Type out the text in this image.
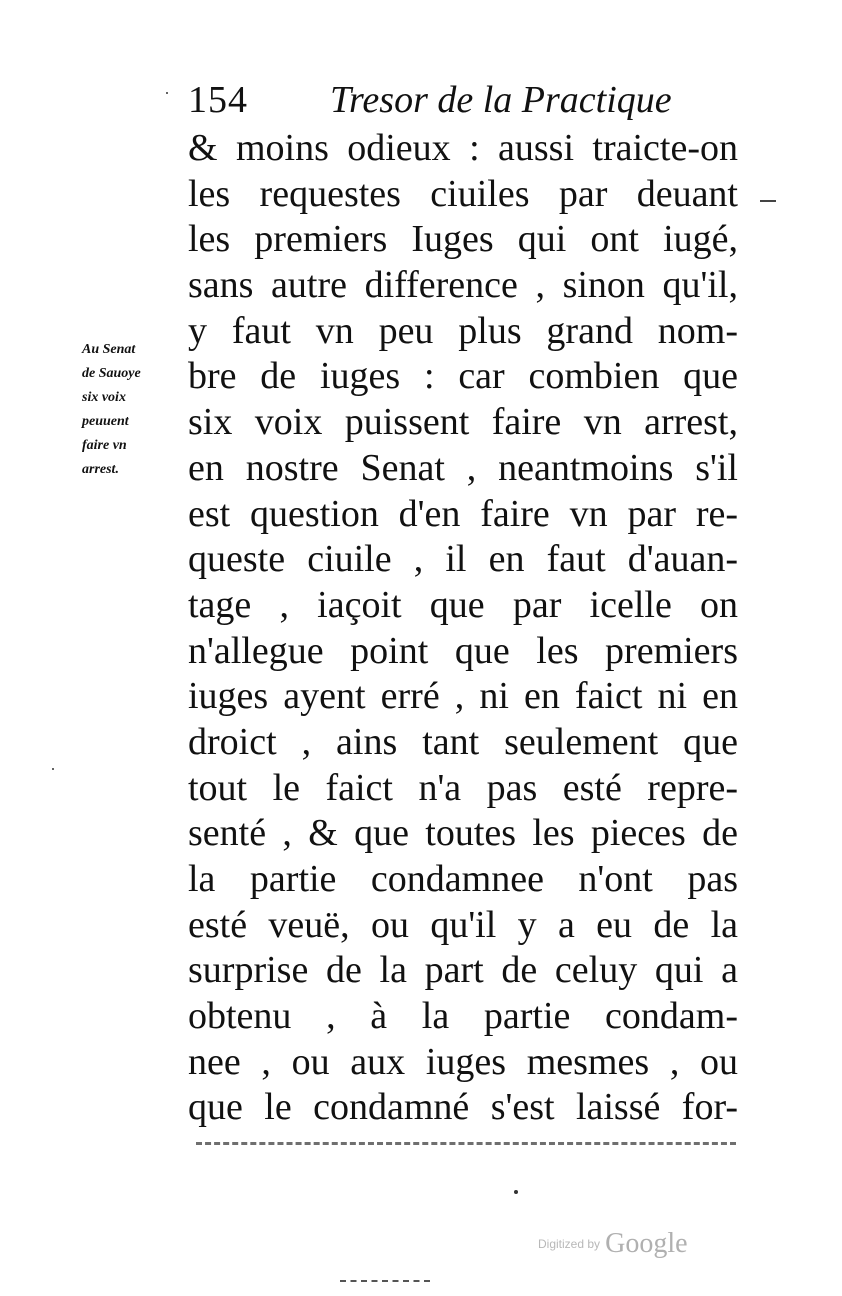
154 Tresor de la Practique
Au Senat
de Sauoye
six voix
peuuent
faire vn
arrest.
& moins odieux : aussi traicte-on
les requestes ciuiles par deuant
les premiers Iuges qui ont iugé,
sans autre difference , sinon qu'il,
y faut vn peu plus grand nom-
bre de iuges : car combien que
six voix puissent faire vn arrest,
en nostre Senat , neantmoins s'il
est question d'en faire vn par re-
queste ciuile , il en faut d'auan-
tage , iaçoit que par icelle on
n'allegue point que les premiers
iuges ayent erré , ni en faict ni en
droict , ains tant seulement que
tout le faict n'a pas esté repre-
senté , & que toutes les pieces de
la partie condamnee n'ont pas
esté veuë, ou qu'il y a eu de la
surprise de la part de celuy qui a
obtenu , à la partie condam-
nee , ou aux iuges mesmes , ou
que le condamné s'est laissé for-
Digitized by Google
